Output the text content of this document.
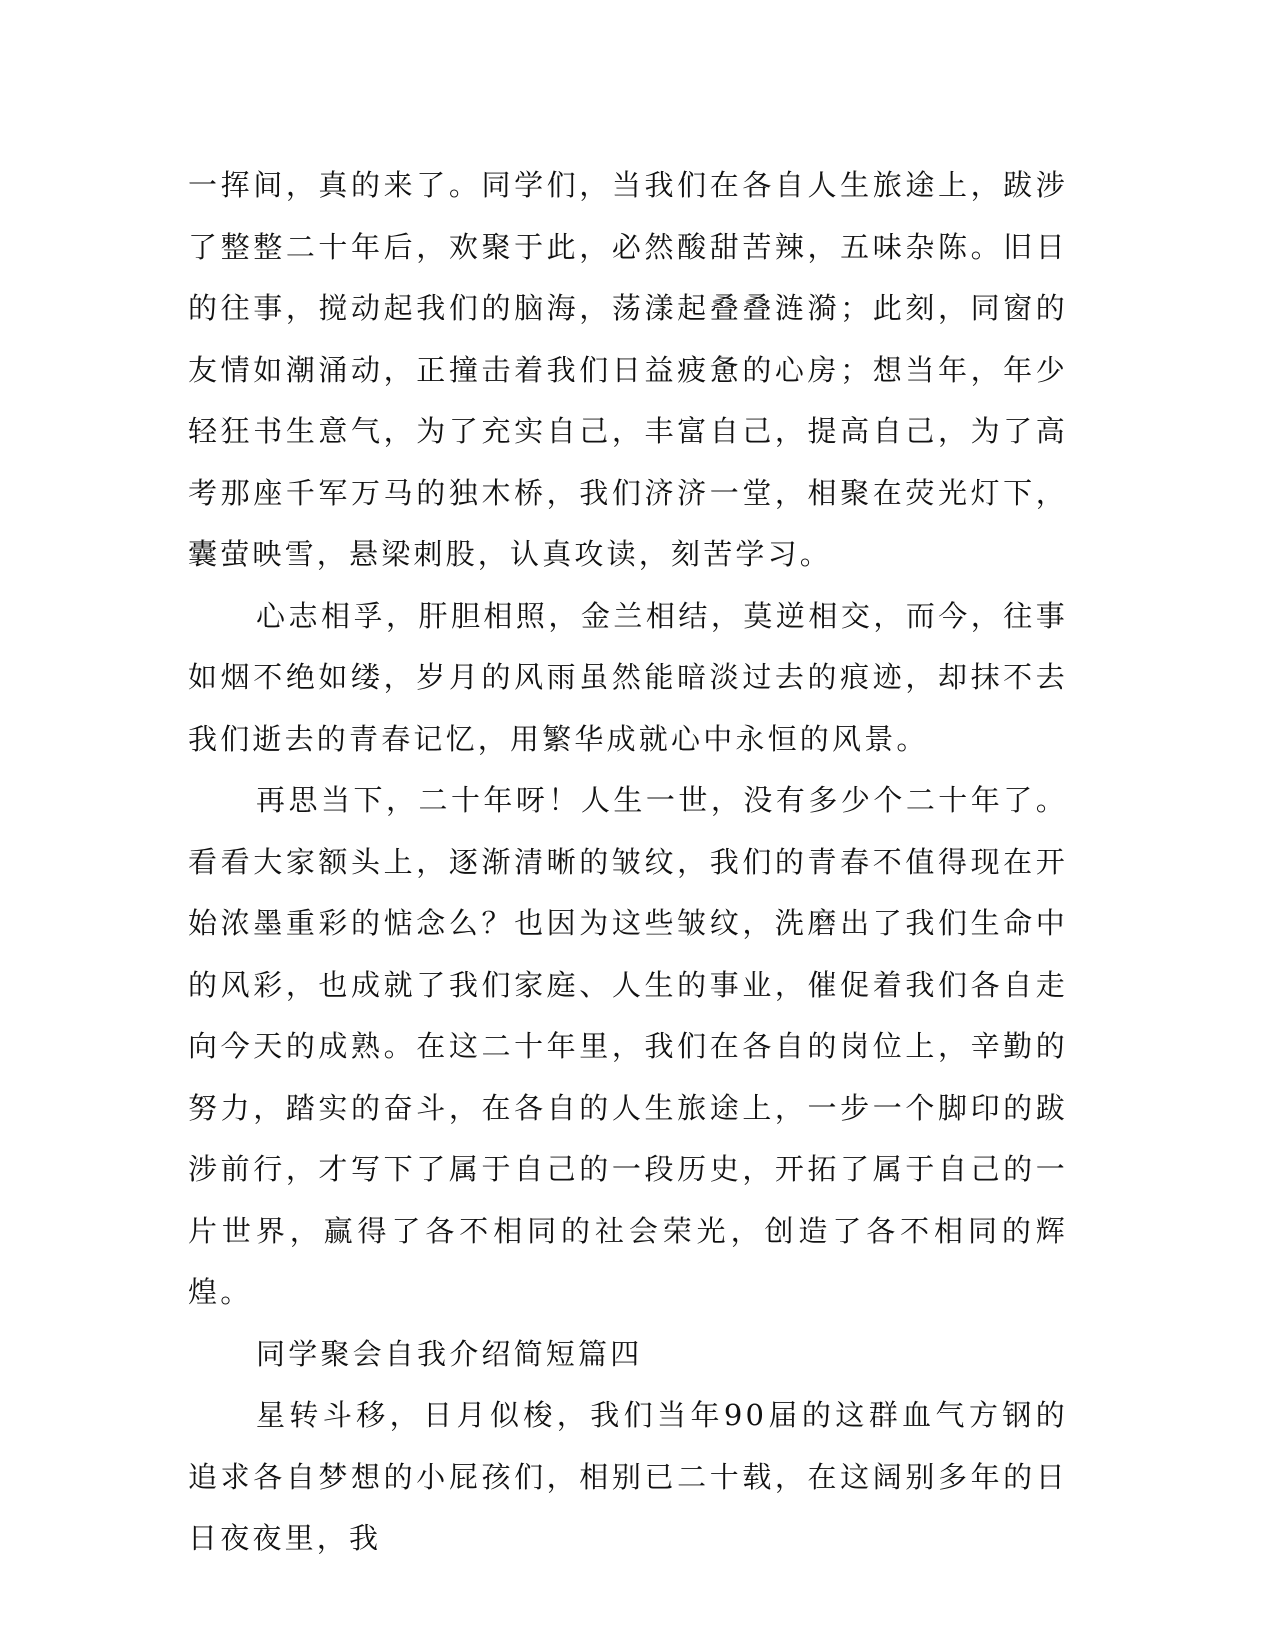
一挥间，真的来了。同学们，当我们在各自人生旅途上，跋涉了整整二十年后，欢聚于此，必然酸甜苦辣，五味杂陈。旧日的往事，搅动起我们的脑海，荡漾起叠叠涟漪；此刻，同窗的友情如潮涌动，正撞击着我们日益疲惫的心房；想当年，年少轻狂书生意气，为了充实自己，丰富自己，提高自己，为了高考那座千军万马的独木桥，我们济济一堂，相聚在荧光灯下，囊萤映雪，悬梁刺股，认真攻读，刻苦学习。

心志相孚，肝胆相照，金兰相结，莫逆相交，而今，往事如烟不绝如缕，岁月的风雨虽然能暗淡过去的痕迹，却抹不去我们逝去的青春记忆，用繁华成就心中永恒的风景。

再思当下，二十年呀！人生一世，没有多少个二十年了。看看大家额头上，逐渐清晰的皱纹，我们的青春不值得现在开始浓墨重彩的惦念么？也因为这些皱纹，洗磨出了我们生命中的风彩，也成就了我们家庭、人生的事业，催促着我们各自走向今天的成熟。在这二十年里，我们在各自的岗位上，辛勤的努力，踏实的奋斗，在各自的人生旅途上，一步一个脚印的跋涉前行，才写下了属于自己的一段历史，开拓了属于自己的一片世界，赢得了各不相同的社会荣光，创造了各不相同的辉煌。

同学聚会自我介绍简短篇四

星转斗移，日月似梭，我们当年90届的这群血气方钢的追求各自梦想的小屁孩们，相别已二十载，在这阔别多年的日日夜夜里，我
